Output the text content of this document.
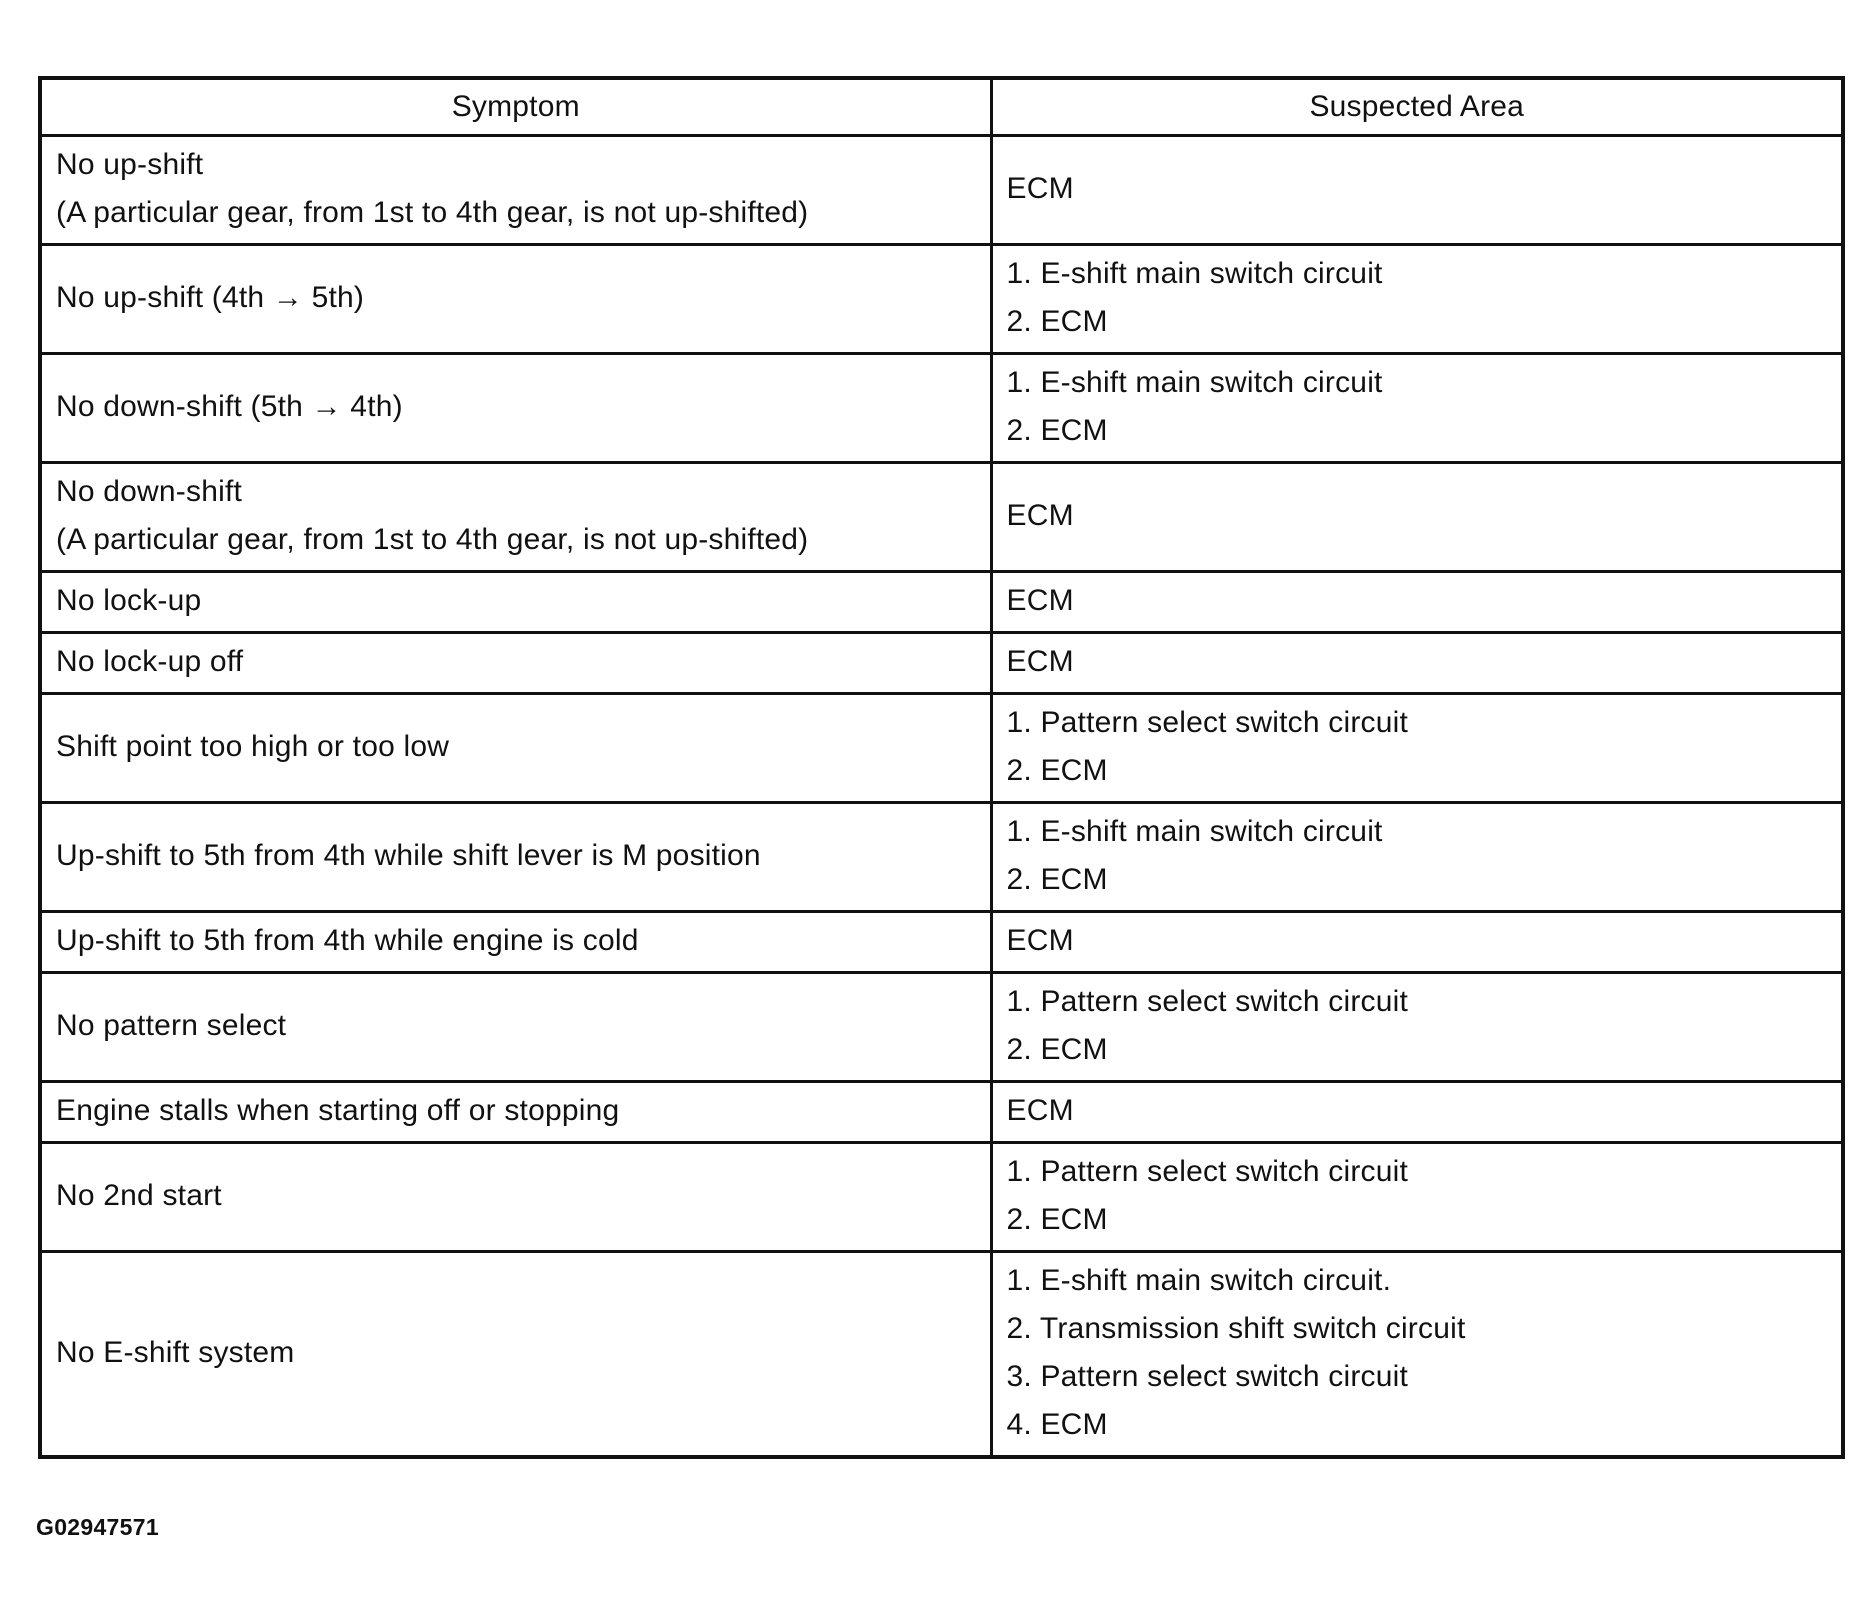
Symptom	Suspected Area

No up-shift
(A particular gear, from 1st to 4th gear, is not up-shifted)	ECM

No up-shift (4th → 5th)	1. E-shift main switch circuit
2. ECM

No down-shift (5th → 4th)	1. E-shift main switch circuit
2. ECM

No down-shift
(A particular gear, from 1st to 4th gear, is not up-shifted)	ECM

No lock-up	ECM

No lock-up off	ECM

Shift point too high or too low	1. Pattern select switch circuit
2. ECM

Up-shift to 5th from 4th while shift lever is M position	1. E-shift main switch circuit
2. ECM

Up-shift to 5th from 4th while engine is cold	ECM

No pattern select	1. Pattern select switch circuit
2. ECM

Engine stalls when starting off or stopping	ECM

No 2nd start	1. Pattern select switch circuit
2. ECM

No E-shift system	1. E-shift main switch circuit.
2. Transmission shift switch circuit
3. Pattern select switch circuit
4. ECM
G02947571
